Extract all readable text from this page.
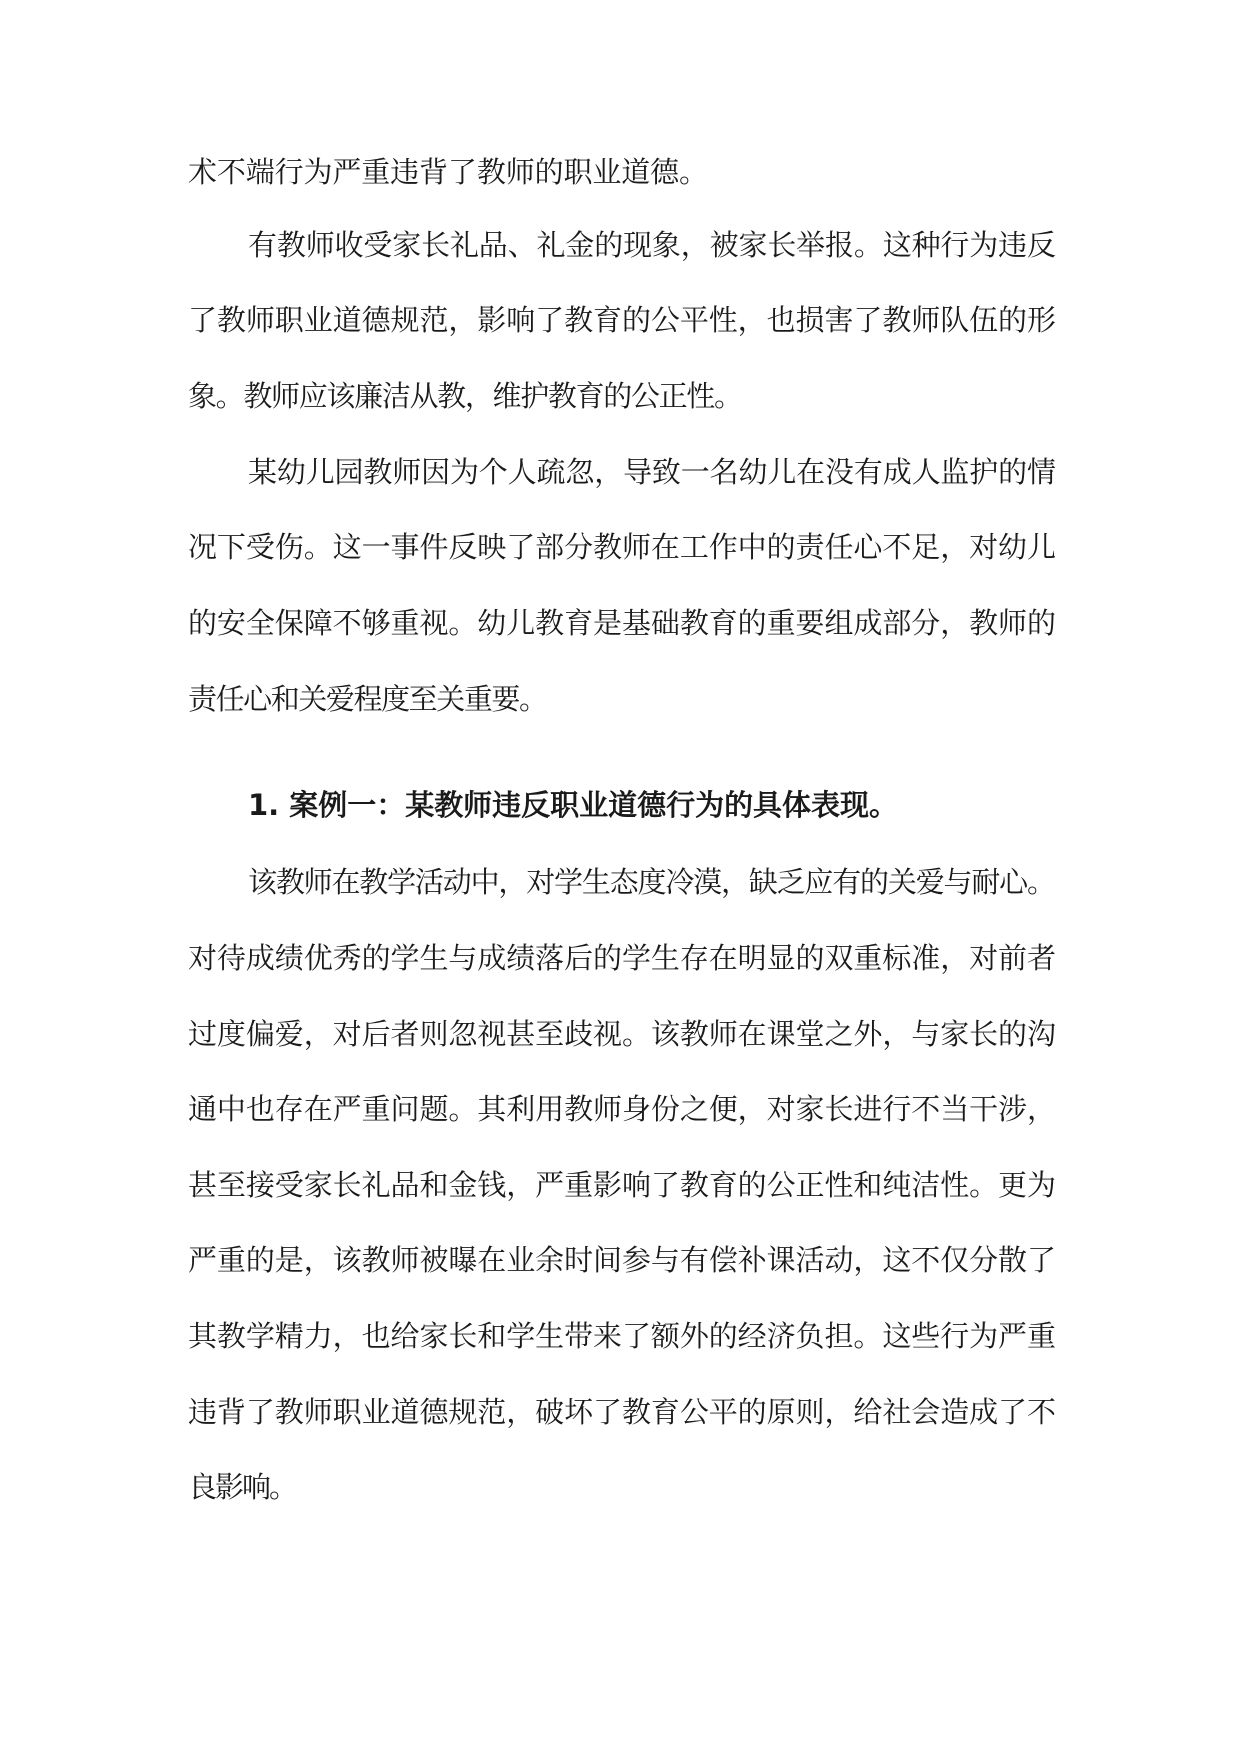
术不端行为严重违背了教师的职业道德。
有教师收受家长礼品、礼金的现象，被家长举报。这种行为违反
了教师职业道德规范，影响了教育的公平性，也损害了教师队伍的形
象。教师应该廉洁从教，维护教育的公正性。
某幼儿园教师因为个人疏忽，导致一名幼儿在没有成人监护的情
况下受伤。这一事件反映了部分教师在工作中的责任心不足，对幼儿
的安全保障不够重视。幼儿教育是基础教育的重要组成部分，教师的
责任心和关爱程度至关重要。
1. 案例一：某教师违反职业道德行为的具体表现。
该教师在教学活动中，对学生态度冷漠，缺乏应有的关爱与耐心。
对待成绩优秀的学生与成绩落后的学生存在明显的双重标准，对前者
过度偏爱，对后者则忽视甚至歧视。该教师在课堂之外，与家长的沟
通中也存在严重问题。其利用教师身份之便，对家长进行不当干涉，
甚至接受家长礼品和金钱，严重影响了教育的公正性和纯洁性。更为
严重的是，该教师被曝在业余时间参与有偿补课活动，这不仅分散了
其教学精力，也给家长和学生带来了额外的经济负担。这些行为严重
违背了教师职业道德规范，破坏了教育公平的原则，给社会造成了不
良影响。
